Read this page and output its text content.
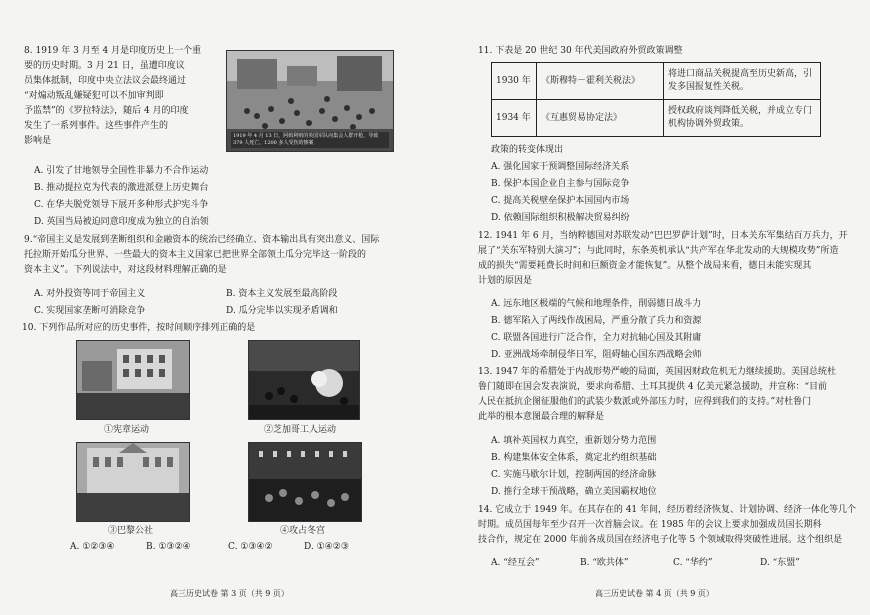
8. 1919 年 3 月至 4 月是印度历史上一个重
要的历史时期。3 月 21 日，虽遭印度议
员集体抵制，印度中央立法议会最终通过
“对煽动叛乱嫌疑犯可以不加审判即
予监禁”的《罗拉特法》，随后 4 月的印度
发生了一系列事件。这些事件产生的
影响是	1919 年 4 月 13 日，阿姆利则的英国军队向集会人群开枪，导致 379 人死亡，1200 多人受伤的惨案
A. 引发了甘地领导全国性非暴力不合作运动
B. 推动提拉克为代表的激进派登上历史舞台
C. 在华夫脱党领导下展开多种形式护宪斗争
D. 英国当局被迫同意印度成为独立的自治领
9.“帝国主义是发展到垄断组织和金融资本的统治已经确立、资本输出具有突出意义、国际
托拉斯开始瓜分世界、一些最大的资本主义国家已把世界全部领土瓜分完毕这一阶段的
资本主义”。下列说法中，对这段材料理解正确的是
A. 对外投资等同于帝国主义	B. 资本主义发展至最高阶段
C. 实现国家垄断可消除竞争	D. 瓜分完毕以实现矛盾调和
10. 下列作品所对应的历史事件，按时间顺序排列正确的是
①宪章运动	②芝加哥工人运动
③巴黎公社	④攻占冬宫
A. ①②③④	B. ①③②④	C. ①③④②	D. ①④②③
高三历史试卷 第 3 页（共 9 页）
11. 下表是 20 世纪 30 年代美国政府外贸政策调整
1930 年	《斯穆特－霍利关税法》	将进口商品关税提高至历史新高，引发多国报复性关税。
1934 年	《互惠贸易协定法》	授权政府谈判降低关税，并成立专门机构协调外贸政策。
政策的转变体现出
A. 强化国家干预调整国际经济关系
B. 保护本国企业自主参与国际竞争
C. 提高关税壁垒保护本国国内市场
D. 依赖国际组织积极解决贸易纠纷
12. 1941 年 6 月，当纳粹德国对苏联发动“巴巴罗萨计划”时，日本关东军集结百万兵力，开
展了“关东军特别大演习”；与此同时，东条英机承认“共产军在华北发动的大规模攻势”所造
成的损失“需要耗费长时间和巨额资金才能恢复”。从整个战局来看，德日未能实现其
计划的原因是
A. 远东地区极端的气候和地理条件，削弱德日战斗力
B. 德军陷入了两线作战困局，严重分散了兵力和资源
C. 联盟各国进行广泛合作，全力对抗轴心国及其附庸
D. 亚洲战场牵制侵华日军，阻碍轴心国东西战略会师
13. 1947 年的希腊处于内战形势严峻的局面，英国因财政危机无力继续援助。美国总统杜
鲁门随即在国会发表演说，要求向希腊、土耳其提供 4 亿美元紧急援助，并宣称：“目前
人民在抵抗企图征服他们的武装少数派或外部压力时，应得到我们的支持。”对杜鲁门
此举的根本意图最合理的解释是
A. 填补英国权力真空，重新划分势力范围
B. 构建集体安全体系，奠定北约组织基础
C. 实施马歇尔计划，控制两国的经济命脉
D. 推行全球干预战略，确立美国霸权地位
14. 它成立于 1949 年。在其存在的 41 年间，经历着经济恢复、计划协调、经济一体化等几个
时期。成员国每年至少召开一次首脑会议。在 1985 年的会议上要求加强成员国长期科
技合作，规定在 2000 年前各成员国在经济电子化等 5 个领域取得突破性进展。这个组织是
A. “经互会”	B. “欧共体”	C. “华约”	D. “东盟”
高三历史试卷 第 4 页（共 9 页）
